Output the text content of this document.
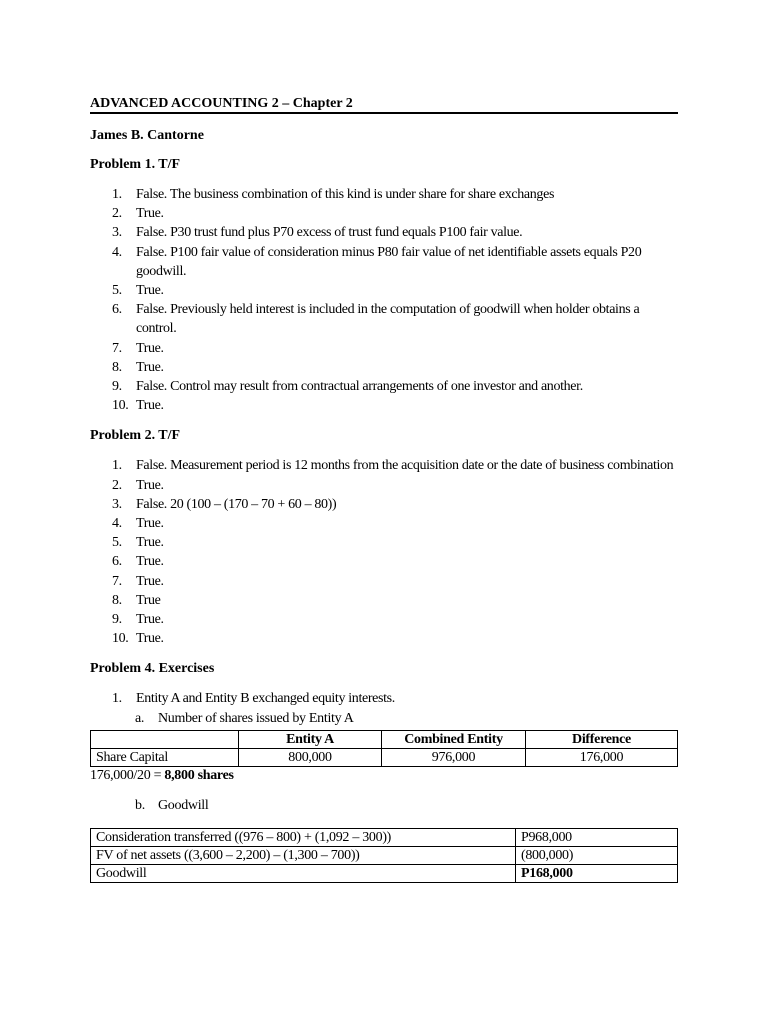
ADVANCED ACCOUNTING 2 – Chapter 2
James B. Cantorne
Problem 1. T/F
1. False. The business combination of this kind is under share for share exchanges
2. True.
3. False. P30 trust fund plus P70 excess of trust fund equals P100 fair value.
4. False. P100 fair value of consideration minus P80 fair value of net identifiable assets equals P20 goodwill.
5. True.
6. False. Previously held interest is included in the computation of goodwill when holder obtains a control.
7. True.
8. True.
9. False. Control may result from contractual arrangements of one investor and another.
10. True.
Problem 2. T/F
1. False. Measurement period is 12 months from the acquisition date or the date of business combination
2. True.
3. False. 20 (100 – (170 – 70 + 60 – 80))
4. True.
5. True.
6. True.
7. True.
8. True
9. True.
10. True.
Problem 4. Exercises
1. Entity A and Entity B exchanged equity interests.
a. Number of shares issued by Entity A
	Entity A	Combined Entity	Difference
Share Capital	800,000	976,000	176,000
176,000/20 = 8,800 shares
b. Goodwill
Consideration transferred ((976 – 800) + (1,092 – 300))	P968,000
FV of net assets ((3,600 – 2,200) – (1,300 – 700))	(800,000)
Goodwill	P168,000
